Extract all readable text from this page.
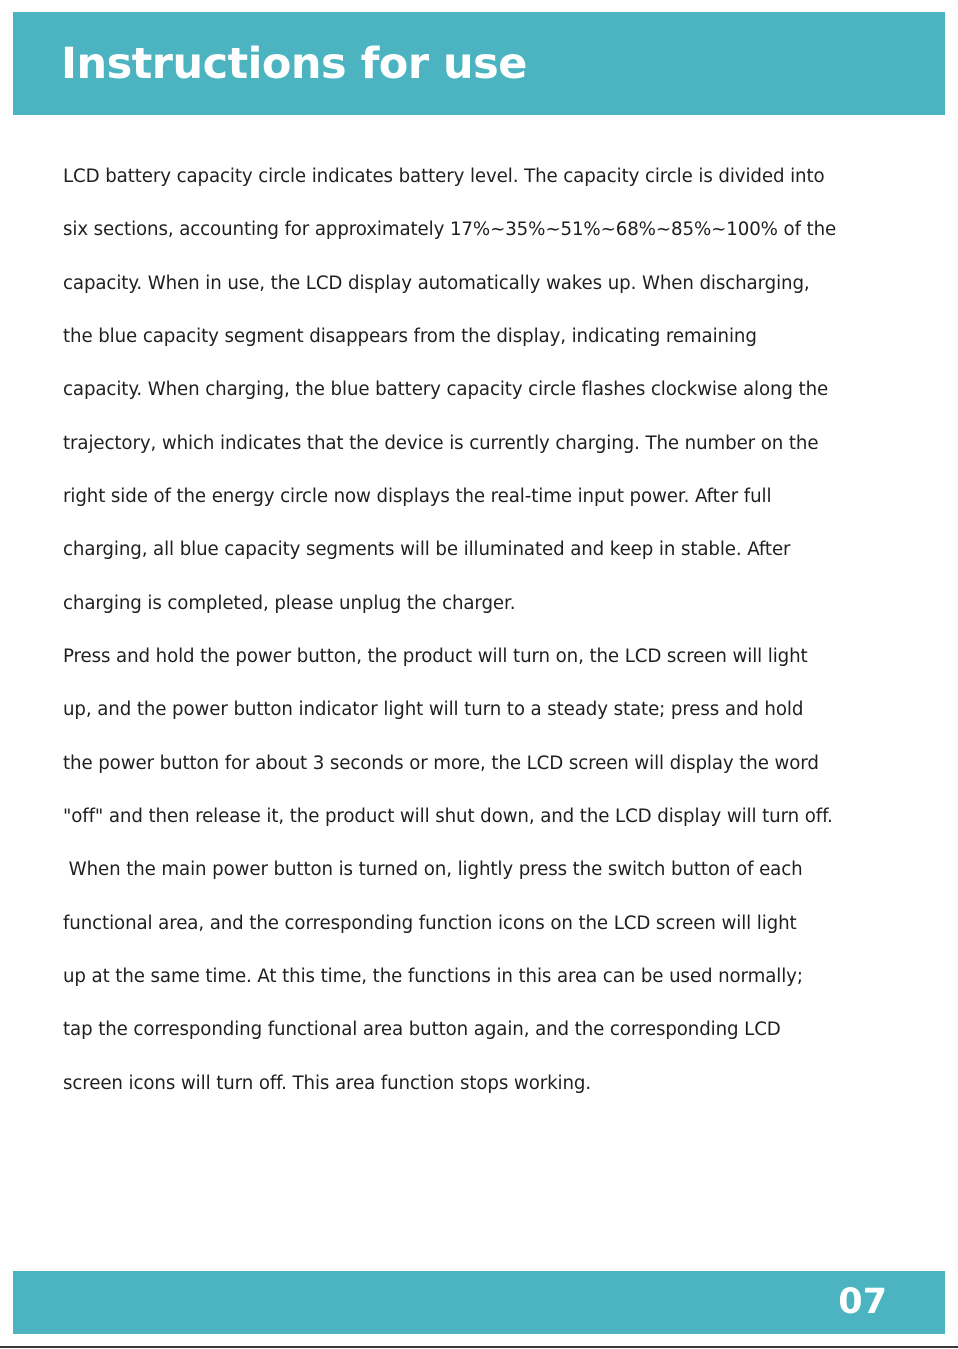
Instructions for use
LCD battery capacity circle indicates battery level. The capacity circle is divided into
six sections, accounting for approximately 17%~35%~51%~68%~85%~100% of the
capacity. When in use, the LCD display automatically wakes up. When discharging,
the blue capacity segment disappears from the display, indicating remaining
capacity. When charging, the blue battery capacity circle flashes clockwise along the
trajectory, which indicates that the device is currently charging. The number on the
right side of the energy circle now displays the real-time input power. After full
charging, all blue capacity segments will be illuminated and keep in stable. After
charging is completed, please unplug the charger.
Press and hold the power button, the product will turn on, the LCD screen will light
up, and the power button indicator light will turn to a steady state; press and hold
the power button for about 3 seconds or more, the LCD screen will display the word
"off" and then release it, the product will shut down, and the LCD display will turn off.
When the main power button is turned on, lightly press the switch button of each
functional area, and the corresponding function icons on the LCD screen will light
up at the same time. At this time, the functions in this area can be used normally;
tap the corresponding functional area button again, and the corresponding LCD
screen icons will turn off. This area function stops working.
07
